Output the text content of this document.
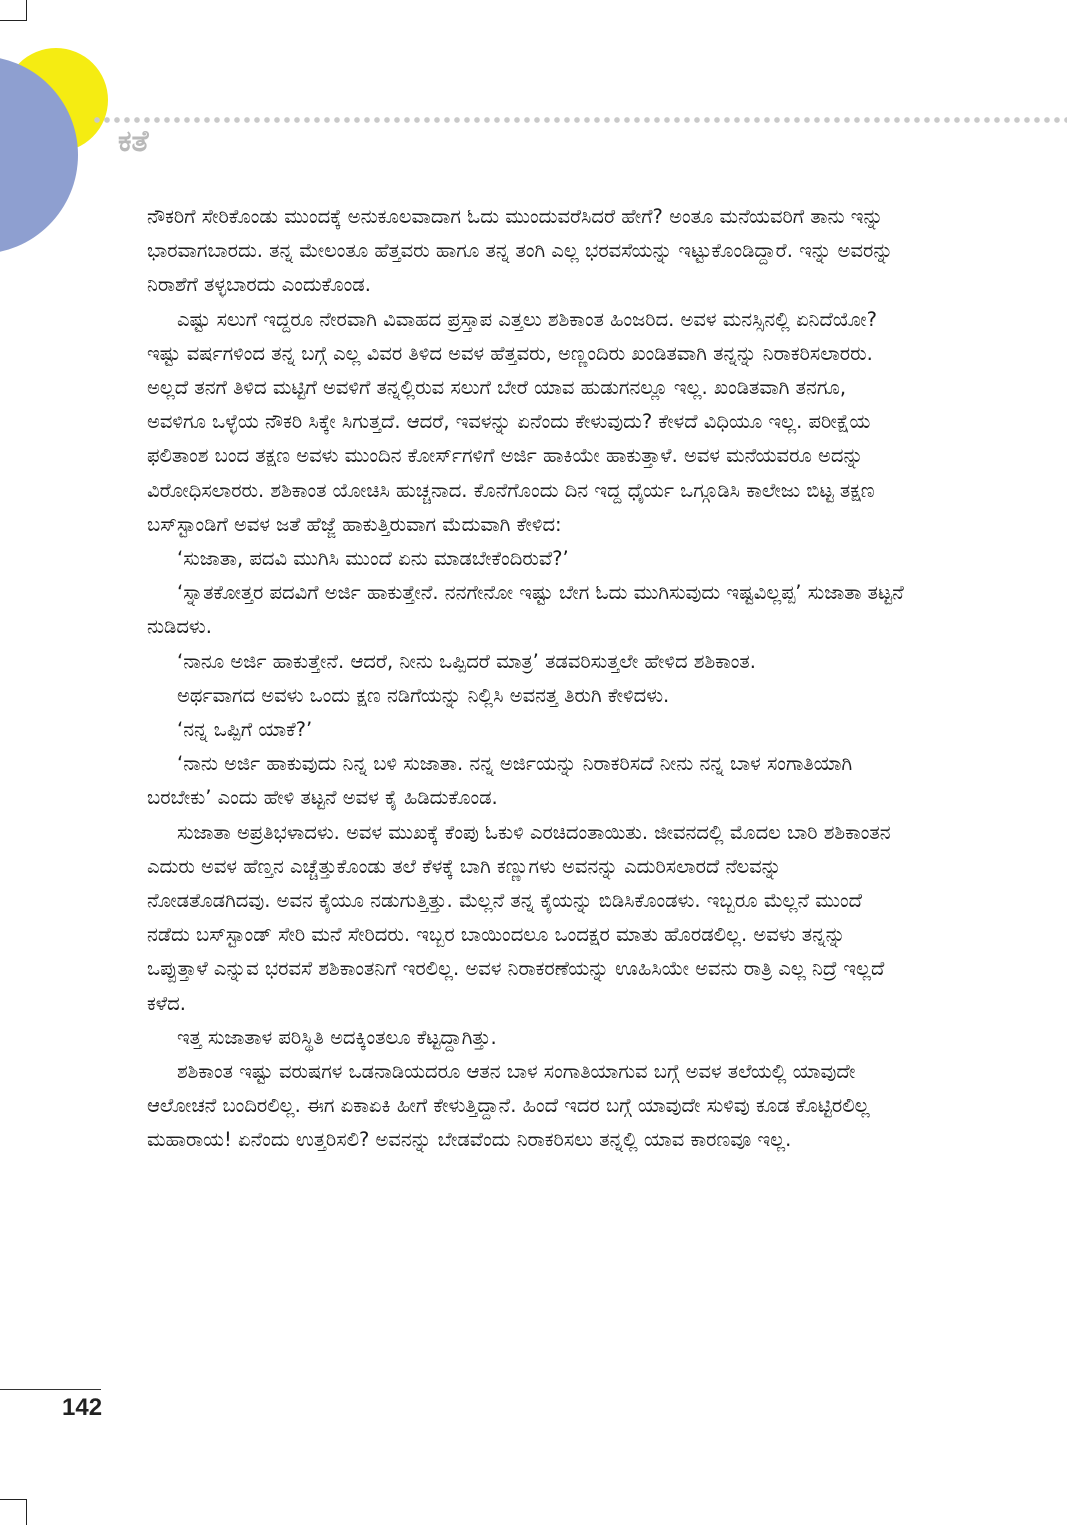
ಕತೆ

ನೌಕರಿಗೆ ಸೇರಿಕೊಂಡು ಮುಂದಕ್ಕೆ ಅನುಕೂಲವಾದಾಗ ಓದು ಮುಂದುವರೆಸಿದರೆ ಹೇಗೆ? ಅಂತೂ ಮನೆಯವರಿಗೆ ತಾನು ಇನ್ನು ಭಾರವಾಗಬಾರದು. ತನ್ನ ಮೇಲಂತೂ ಹೆತ್ತವರು ಹಾಗೂ ತನ್ನ ತಂಗಿ ಎಲ್ಲ ಭರವಸೆಯನ್ನು ಇಟ್ಟುಕೊಂಡಿದ್ದಾರೆ. ಇನ್ನು ಅವರನ್ನು ನಿರಾಶೆಗೆ ತಳ್ಳಬಾರದು ಎಂದುಕೊಂಡ.

ಎಷ್ಟು ಸಲುಗೆ ಇದ್ದರೂ ನೇರವಾಗಿ ವಿವಾಹದ ಪ್ರಸ್ತಾಪ ಎತ್ತಲು ಶಶಿಕಾಂತ ಹಿಂಜರಿದ. ಅವಳ ಮನಸ್ಸಿನಲ್ಲಿ ಏನಿದೆಯೋ? ಇಷ್ಟು ವರ್ಷಗಳಿಂದ ತನ್ನ ಬಗ್ಗೆ ಎಲ್ಲ ವಿವರ ತಿಳಿದ ಅವಳ ಹೆತ್ತವರು, ಅಣ್ಣಂದಿರು ಖಂಡಿತವಾಗಿ ತನ್ನನ್ನು ನಿರಾಕರಿಸಲಾರರು. ಅಲ್ಲದೆ ತನಗೆ ತಿಳಿದ ಮಟ್ಟಿಗೆ ಅವಳಿಗೆ ತನ್ನಲ್ಲಿರುವ ಸಲುಗೆ ಬೇರೆ ಯಾವ ಹುಡುಗನಲ್ಲೂ ಇಲ್ಲ. ಖಂಡಿತವಾಗಿ ತನಗೂ, ಅವಳಿಗೂ ಒಳ್ಳೆಯ ನೌಕರಿ ಸಿಕ್ಕೇ ಸಿಗುತ್ತದೆ. ಆದರೆ, ಇವಳನ್ನು ಏನೆಂದು ಕೇಳುವುದು? ಕೇಳದೆ ವಿಧಿಯೂ ಇಲ್ಲ. ಪರೀಕ್ಷೆಯ ಫಲಿತಾಂಶ ಬಂದ ತಕ್ಷಣ ಅವಳು ಮುಂದಿನ ಕೋರ್ಸ್‌ಗಳಿಗೆ ಅರ್ಜಿ ಹಾಕಿಯೇ ಹಾಕುತ್ತಾಳೆ. ಅವಳ ಮನೆಯವರೂ ಅದನ್ನು ವಿರೋಧಿಸಲಾರರು. ಶಶಿಕಾಂತ ಯೋಚಿಸಿ ಹುಚ್ಚನಾದ. ಕೊನೆಗೊಂದು ದಿನ ಇದ್ದ ಧೈರ್ಯ ಒಗ್ಗೂಡಿಸಿ ಕಾಲೇಜು ಬಿಟ್ಟ ತಕ್ಷಣ ಬಸ್‌ಸ್ಟಾಂಡಿಗೆ ಅವಳ ಜತೆ ಹೆಜ್ಜೆ ಹಾಕುತ್ತಿರುವಾಗ ಮೆದುವಾಗಿ ಕೇಳಿದ:

‘ಸುಜಾತಾ, ಪದವಿ ಮುಗಿಸಿ ಮುಂದೆ ಏನು ಮಾಡಬೇಕೆಂದಿರುವೆ?’

‘ಸ್ನಾತಕೋತ್ತರ ಪದವಿಗೆ ಅರ್ಜಿ ಹಾಕುತ್ತೇನೆ. ನನಗೇನೋ ಇಷ್ಟು ಬೇಗ ಓದು ಮುಗಿಸುವುದು ಇಷ್ಟವಿಲ್ಲಪ್ಪ’ ಸುಜಾತಾ ತಟ್ಟನೆ ನುಡಿದಳು.

‘ನಾನೂ ಅರ್ಜಿ ಹಾಕುತ್ತೇನೆ. ಆದರೆ, ನೀನು ಒಪ್ಪಿದರೆ ಮಾತ್ರ’ ತಡವರಿಸುತ್ತಲೇ ಹೇಳಿದ ಶಶಿಕಾಂತ.

ಅರ್ಥವಾಗದ ಅವಳು ಒಂದು ಕ್ಷಣ ನಡಿಗೆಯನ್ನು ನಿಲ್ಲಿಸಿ ಅವನತ್ತ ತಿರುಗಿ ಕೇಳಿದಳು.

‘ನನ್ನ ಒಪ್ಪಿಗೆ ಯಾಕೆ?’

‘ನಾನು ಅರ್ಜಿ ಹಾಕುವುದು ನಿನ್ನ ಬಳಿ ಸುಜಾತಾ. ನನ್ನ ಅರ್ಜಿಯನ್ನು ನಿರಾಕರಿಸದೆ ನೀನು ನನ್ನ ಬಾಳ ಸಂಗಾತಿಯಾಗಿ ಬರಬೇಕು’ ಎಂದು ಹೇಳಿ ತಟ್ಟನೆ ಅವಳ ಕೈ ಹಿಡಿದುಕೊಂಡ.

ಸುಜಾತಾ ಅಪ್ರತಿಭಳಾದಳು. ಅವಳ ಮುಖಕ್ಕೆ ಕೆಂಪು ಓಕುಳಿ ಎರಚಿದಂತಾಯಿತು. ಜೀವನದಲ್ಲಿ ಮೊದಲ ಬಾರಿ ಶಶಿಕಾಂತನ ಎದುರು ಅವಳ ಹೆಣ್ತನ ಎಚ್ಚೆತ್ತುಕೊಂಡು ತಲೆ ಕೆಳಕ್ಕೆ ಬಾಗಿ ಕಣ್ಣುಗಳು ಅವನನ್ನು ಎದುರಿಸಲಾರದೆ ನೆಲವನ್ನು ನೋಡತೊಡಗಿದವು. ಅವನ ಕೈಯೂ ನಡುಗುತ್ತಿತ್ತು. ಮೆಲ್ಲನೆ ತನ್ನ ಕೈಯನ್ನು ಬಿಡಿಸಿಕೊಂಡಳು. ಇಬ್ಬರೂ ಮೆಲ್ಲನೆ ಮುಂದೆ ನಡೆದು ಬಸ್‌ಸ್ಟಾಂಡ್ ಸೇರಿ ಮನೆ ಸೇರಿದರು. ಇಬ್ಬರ ಬಾಯಿಂದಲೂ ಒಂದಕ್ಷರ ಮಾತು ಹೊರಡಲಿಲ್ಲ. ಅವಳು ತನ್ನನ್ನು ಒಪ್ಪುತ್ತಾಳೆ ಎನ್ನುವ ಭರವಸೆ ಶಶಿಕಾಂತನಿಗೆ ಇರಲಿಲ್ಲ. ಅವಳ ನಿರಾಕರಣೆಯನ್ನು ಊಹಿಸಿಯೇ ಅವನು ರಾತ್ರಿ ಎಲ್ಲ ನಿದ್ರೆ ಇಲ್ಲದೆ ಕಳೆದ.

ಇತ್ತ ಸುಜಾತಾಳ ಪರಿಸ್ಥಿತಿ ಅದಕ್ಕಿಂತಲೂ ಕೆಟ್ಟದ್ದಾಗಿತ್ತು.

ಶಶಿಕಾಂತ ಇಷ್ಟು ವರುಷಗಳ ಒಡನಾಡಿಯದರೂ ಆತನ ಬಾಳ ಸಂಗಾತಿಯಾಗುವ ಬಗ್ಗೆ ಅವಳ ತಲೆಯಲ್ಲಿ ಯಾವುದೇ ಆಲೋಚನೆ ಬಂದಿರಲಿಲ್ಲ. ಈಗ ಏಕಾಏಕಿ ಹೀಗೆ ಕೇಳುತ್ತಿದ್ದಾನೆ. ಹಿಂದೆ ಇದರ ಬಗ್ಗೆ ಯಾವುದೇ ಸುಳಿವು ಕೂಡ ಕೊಟ್ಟಿರಲಿಲ್ಲ ಮಹಾರಾಯ! ಏನೆಂದು ಉತ್ತರಿಸಲಿ? ಅವನನ್ನು ಬೇಡವೆಂದು ನಿರಾಕರಿಸಲು ತನ್ನಲ್ಲಿ ಯಾವ ಕಾರಣವೂ ಇಲ್ಲ.

142
